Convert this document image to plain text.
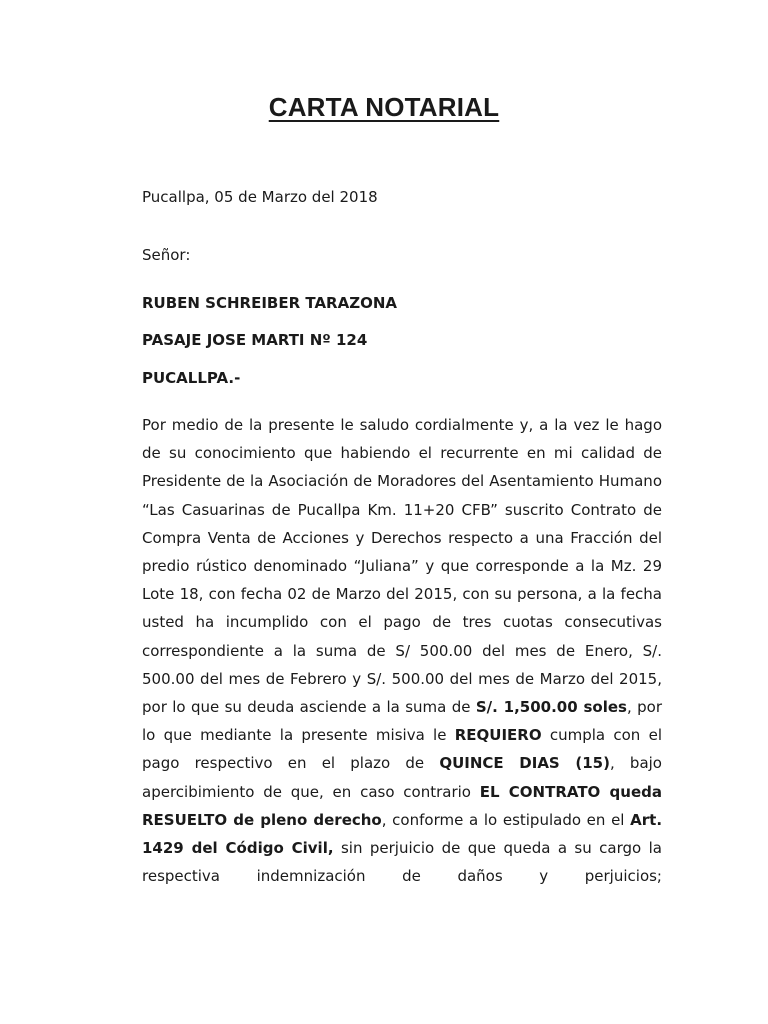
CARTA NOTARIAL
Pucallpa, 05 de Marzo del 2018
Señor:
RUBEN SCHREIBER TARAZONA
PASAJE JOSE MARTI Nº 124
PUCALLPA.-
Por medio de la presente le saludo cordialmente y, a la vez le hago de su conocimiento que habiendo el recurrente en mi calidad de Presidente de la Asociación de Moradores del Asentamiento Humano “Las Casuarinas de Pucallpa Km. 11+20 CFB” suscrito Contrato de Compra Venta de Acciones y Derechos respecto a una Fracción del predio rústico denominado “Juliana” y que corresponde a la Mz. 29 Lote 18, con fecha 02 de Marzo del 2015, con su persona, a la fecha usted ha incumplido con el pago de tres cuotas consecutivas correspondiente a la suma de S/ 500.00 del mes de Enero, S/. 500.00 del mes de Febrero y S/. 500.00 del mes de Marzo del 2015, por lo que su deuda asciende a la suma de S/. 1,500.00 soles, por lo que mediante la presente misiva le REQUIERO cumpla con el pago respectivo en el plazo de QUINCE DIAS (15), bajo apercibimiento de que, en caso contrario EL CONTRATO queda RESUELTO de pleno derecho, conforme a lo estipulado en el Art. 1429 del Código Civil, sin perjuicio de que queda a su cargo la respectiva indemnización de daños y perjuicios;
